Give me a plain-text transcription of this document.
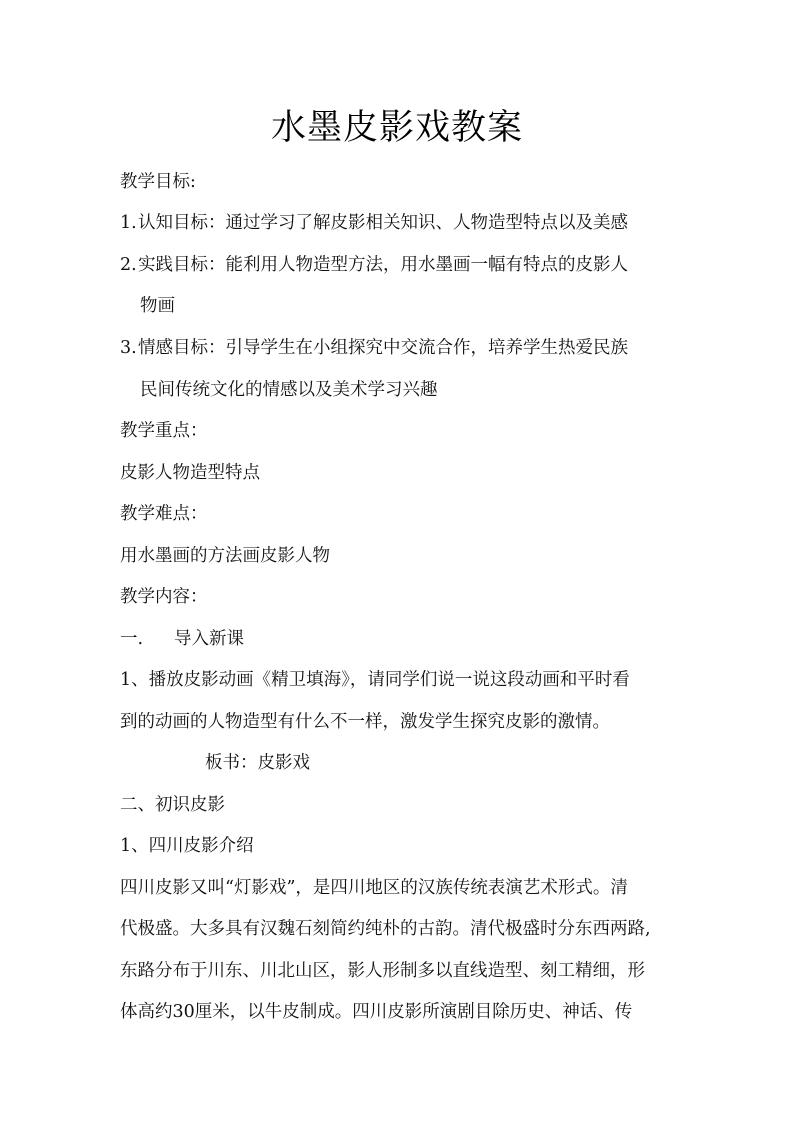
水墨皮影戏教案
教学目标:
1.认知目标：通过学习了解皮影相关知识、人物造型特点以及美感
2.实践目标：能利用人物造型方法，用水墨画一幅有特点的皮影人
物画
3.情感目标：引导学生在小组探究中交流合作，培养学生热爱民族
民间传统文化的情感以及美术学习兴趣
教学重点：
皮影人物造型特点
教学难点：
用水墨画的方法画皮影人物
教学内容：
一. 导入新课
1、播放皮影动画《精卫填海》，请同学们说一说这段动画和平时看
到的动画的人物造型有什么不一样，激发学生探究皮影的激情。
板书：皮影戏
二、初识皮影
1、四川皮影介绍
四川皮影又叫“灯影戏”，是四川地区的汉族传统表演艺术形式。清
代极盛。大多具有汉魏石刻简约纯朴的古韵。清代极盛时分东西两路,
东路分布于川东、川北山区，影人形制多以直线造型、刻工精细，形
体高约30厘米，以牛皮制成。四川皮影所演剧目除历史、神话、传
